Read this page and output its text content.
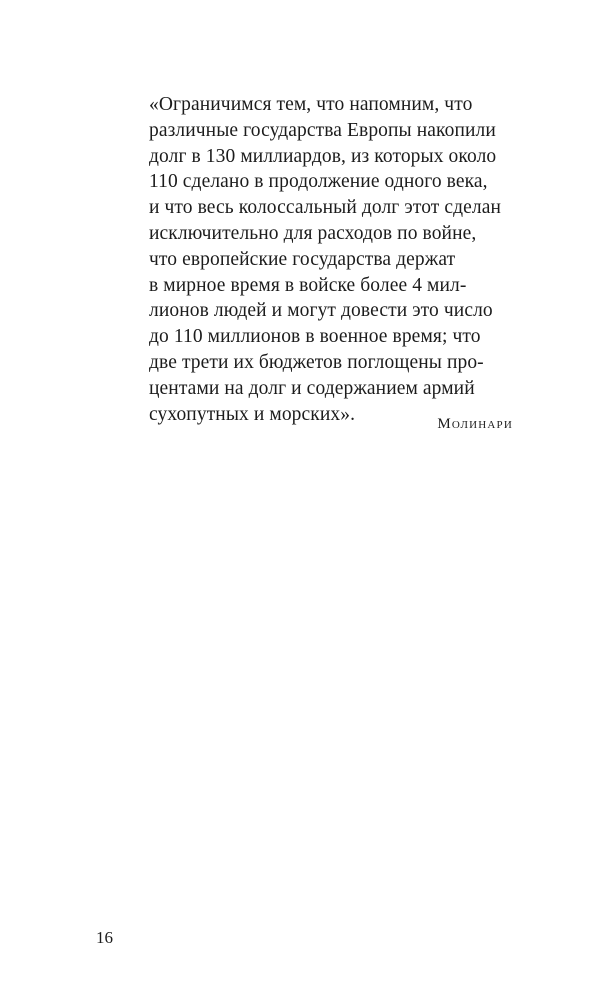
«Ограничимся тем, что напомним, что
различные государства Европы накопили
долг в 130 миллиардов, из которых около
110 сделано в продолжение одного века,
и что весь колоссальный долг этот сделан
исключительно для расходов по войне,
что европейские государства держат
в мирное время в войске более 4 мил-
лионов людей и могут довести это число
до 110 миллионов в военное время; что
две трети их бюджетов поглощены про-
центами на долг и содержанием армий
сухопутных и морских».	Молинари
16
